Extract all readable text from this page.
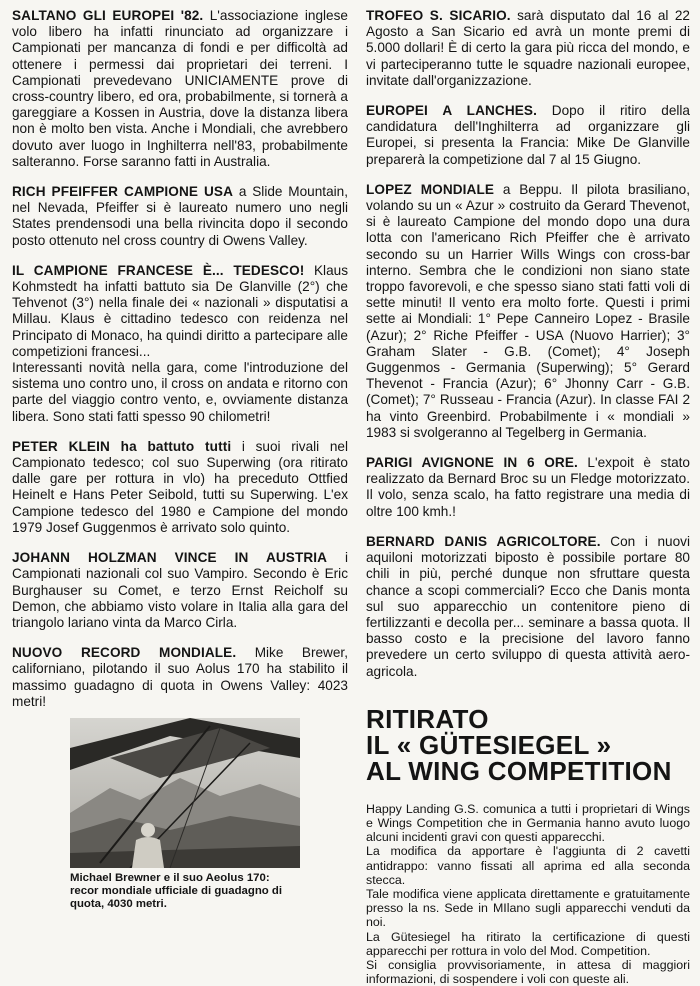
SALTANO GLI EUROPEI '82. L'associazione inglese volo libero ha infatti rinunciato ad organizzare i Campionati per mancanza di fondi e per difficoltà ad ottenere i permessi dai proprietari dei terreni. I Campionati prevedevano UNICIAMENTE prove di cross-country libero, ed ora, probabilmente, si tornerà a gareggiare a Kossen in Austria, dove la distanza libera non è molto ben vista. Anche i Mondiali, che avrebbero dovuto aver luogo in Inghilterra nell'83, probabilmente salteranno. Forse saranno fatti in Australia.

RICH PFEIFFER CAMPIONE USA a Slide Mountain, nel Nevada, Pfeiffer si è laureato numero uno negli States prendensodi una bella rivincita dopo il secondo posto ottenuto nel cross country di Owens Valley.

IL CAMPIONE FRANCESE È... TEDESCO! Klaus Kohmstedt ha infatti battuto sia De Glanville (2°) che Tehvenot (3°) nella finale dei « nazionali » disputatisi a Millau. Klaus è cittadino tedesco con reidenza nel Principato di Monaco, ha quindi diritto a partecipare alle competizioni francesi...

Interessanti novità nella gara, come l'introduzione del sistema uno contro uno, il cross on andata e ritorno con parte del viaggio contro vento, e, ovviamente distanza libera. Sono stati fatti spesso 90 chilometri!

PETER KLEIN ha battuto tutti i suoi rivali nel Campionato tedesco; col suo Superwing (ora ritirato dalle gare per rottura in vlo) ha preceduto Ottfied Heinelt e Hans Peter Seibold, tutti su Superwing. L'ex Campione tedesco del 1980 e Campione del mondo 1979 Josef Guggenmos è arrivato solo quinto.

JOHANN HOLZMAN VINCE IN AUSTRIA i Campionati nazionali col suo Vampiro. Secondo è Eric Burghauser su Comet, e terzo Ernst Reicholf su Demon, che abbiamo visto volare in Italia alla gara del triangolo lariano vinta da Marco Cirla.

NUOVO RECORD MONDIALE. Mike Brewer, californiano, pilotando il suo Aolus 170 ha stabilito il massimo guadagno di quota in Owens Valley: 4023 metri!

Michael Brewner e il suo Aeolus 170: recor mondiale ufficiale di guadagno di quota, 4030 metri.

TROFEO S. SICARIO. sarà disputato dal 16 al 22 Agosto a San Sicario ed avrà un monte premi di 5.000 dollari! È di certo la gara più ricca del mondo, e vi parteciperanno tutte le squadre nazionali europee, invitate dall'organizzazione.

EUROPEI A LANCHES. Dopo il ritiro della candidatura dell'Inghilterra ad organizzare gli Europei, si presenta la Francia: Mike De Glanville preparerà la competizione dal 7 al 15 Giugno.

LOPEZ MONDIALE a Beppu. Il pilota brasiliano, volando su un « Azur » costruito da Gerard Thevenot, si è laureato Campione del mondo dopo una dura lotta con l'americano Rich Pfeiffer che è arrivato secondo su un Harrier Wills Wings con cross-bar interno. Sembra che le condizioni non siano state troppo favorevoli, e che spesso siano stati fatti voli di sette minuti! Il vento era molto forte. Questi i primi sette ai Mondiali: 1° Pepe Canneiro Lopez - Brasile (Azur); 2° Riche Pfeiffer - USA (Nuovo Harrier); 3° Graham Slater - G.B. (Comet); 4° Joseph Guggenmos - Germania (Superwing); 5° Gerard Thevenot - Francia (Azur); 6° Jhonny Carr - G.B. (Comet); 7° Russeau - Francia (Azur). In classe FAI 2 ha vinto Greenbird. Probabilmente i « mondiali » 1983 si svolgeranno al Tegelberg in Germania.

PARIGI AVIGNONE IN 6 ORE. L'expoit è stato realizzato da Bernard Broc su un Fledge motorizzato. Il volo, senza scalo, ha fatto registrare una media di oltre 100 kmh.!

BERNARD DANIS AGRICOLTORE. Con i nuovi aquiloni motorizzati biposto è possibile portare 80 chili in più, perché dunque non sfruttare questa chance a scopi commerciali? Ecco che Danis monta sul suo apparecchio un contenitore pieno di fertilizzanti e decolla per... seminare a bassa quota. Il basso costo e la precisione del lavoro fanno prevedere un certo sviluppo di questa attività aero-agricola.

RITIRATO
IL « GÜTESIEGEL »
AL WING COMPETITION

Happy Landing G.S. comunica a tutti i proprietari di Wings e Wings Competition che in Germania hanno avuto luogo alcuni incidenti gravi con questi apparecchi.

La modifica da apportare è l'aggiunta di 2 cavetti antidrappo: vanno fissati all aprima ed alla seconda stecca.

Tale modifica viene applicata direttamente e gratuitamente presso la ns. Sede in MIlano sugli apparecchi venduti da noi.

La Gütesiegel ha ritirato la certificazione di questi apparecchi per rottura in volo del Mod. Competition.

Si consiglia provvisoriamente, in attesa di maggiori informazioni, di sospendere i voli con queste ali.
